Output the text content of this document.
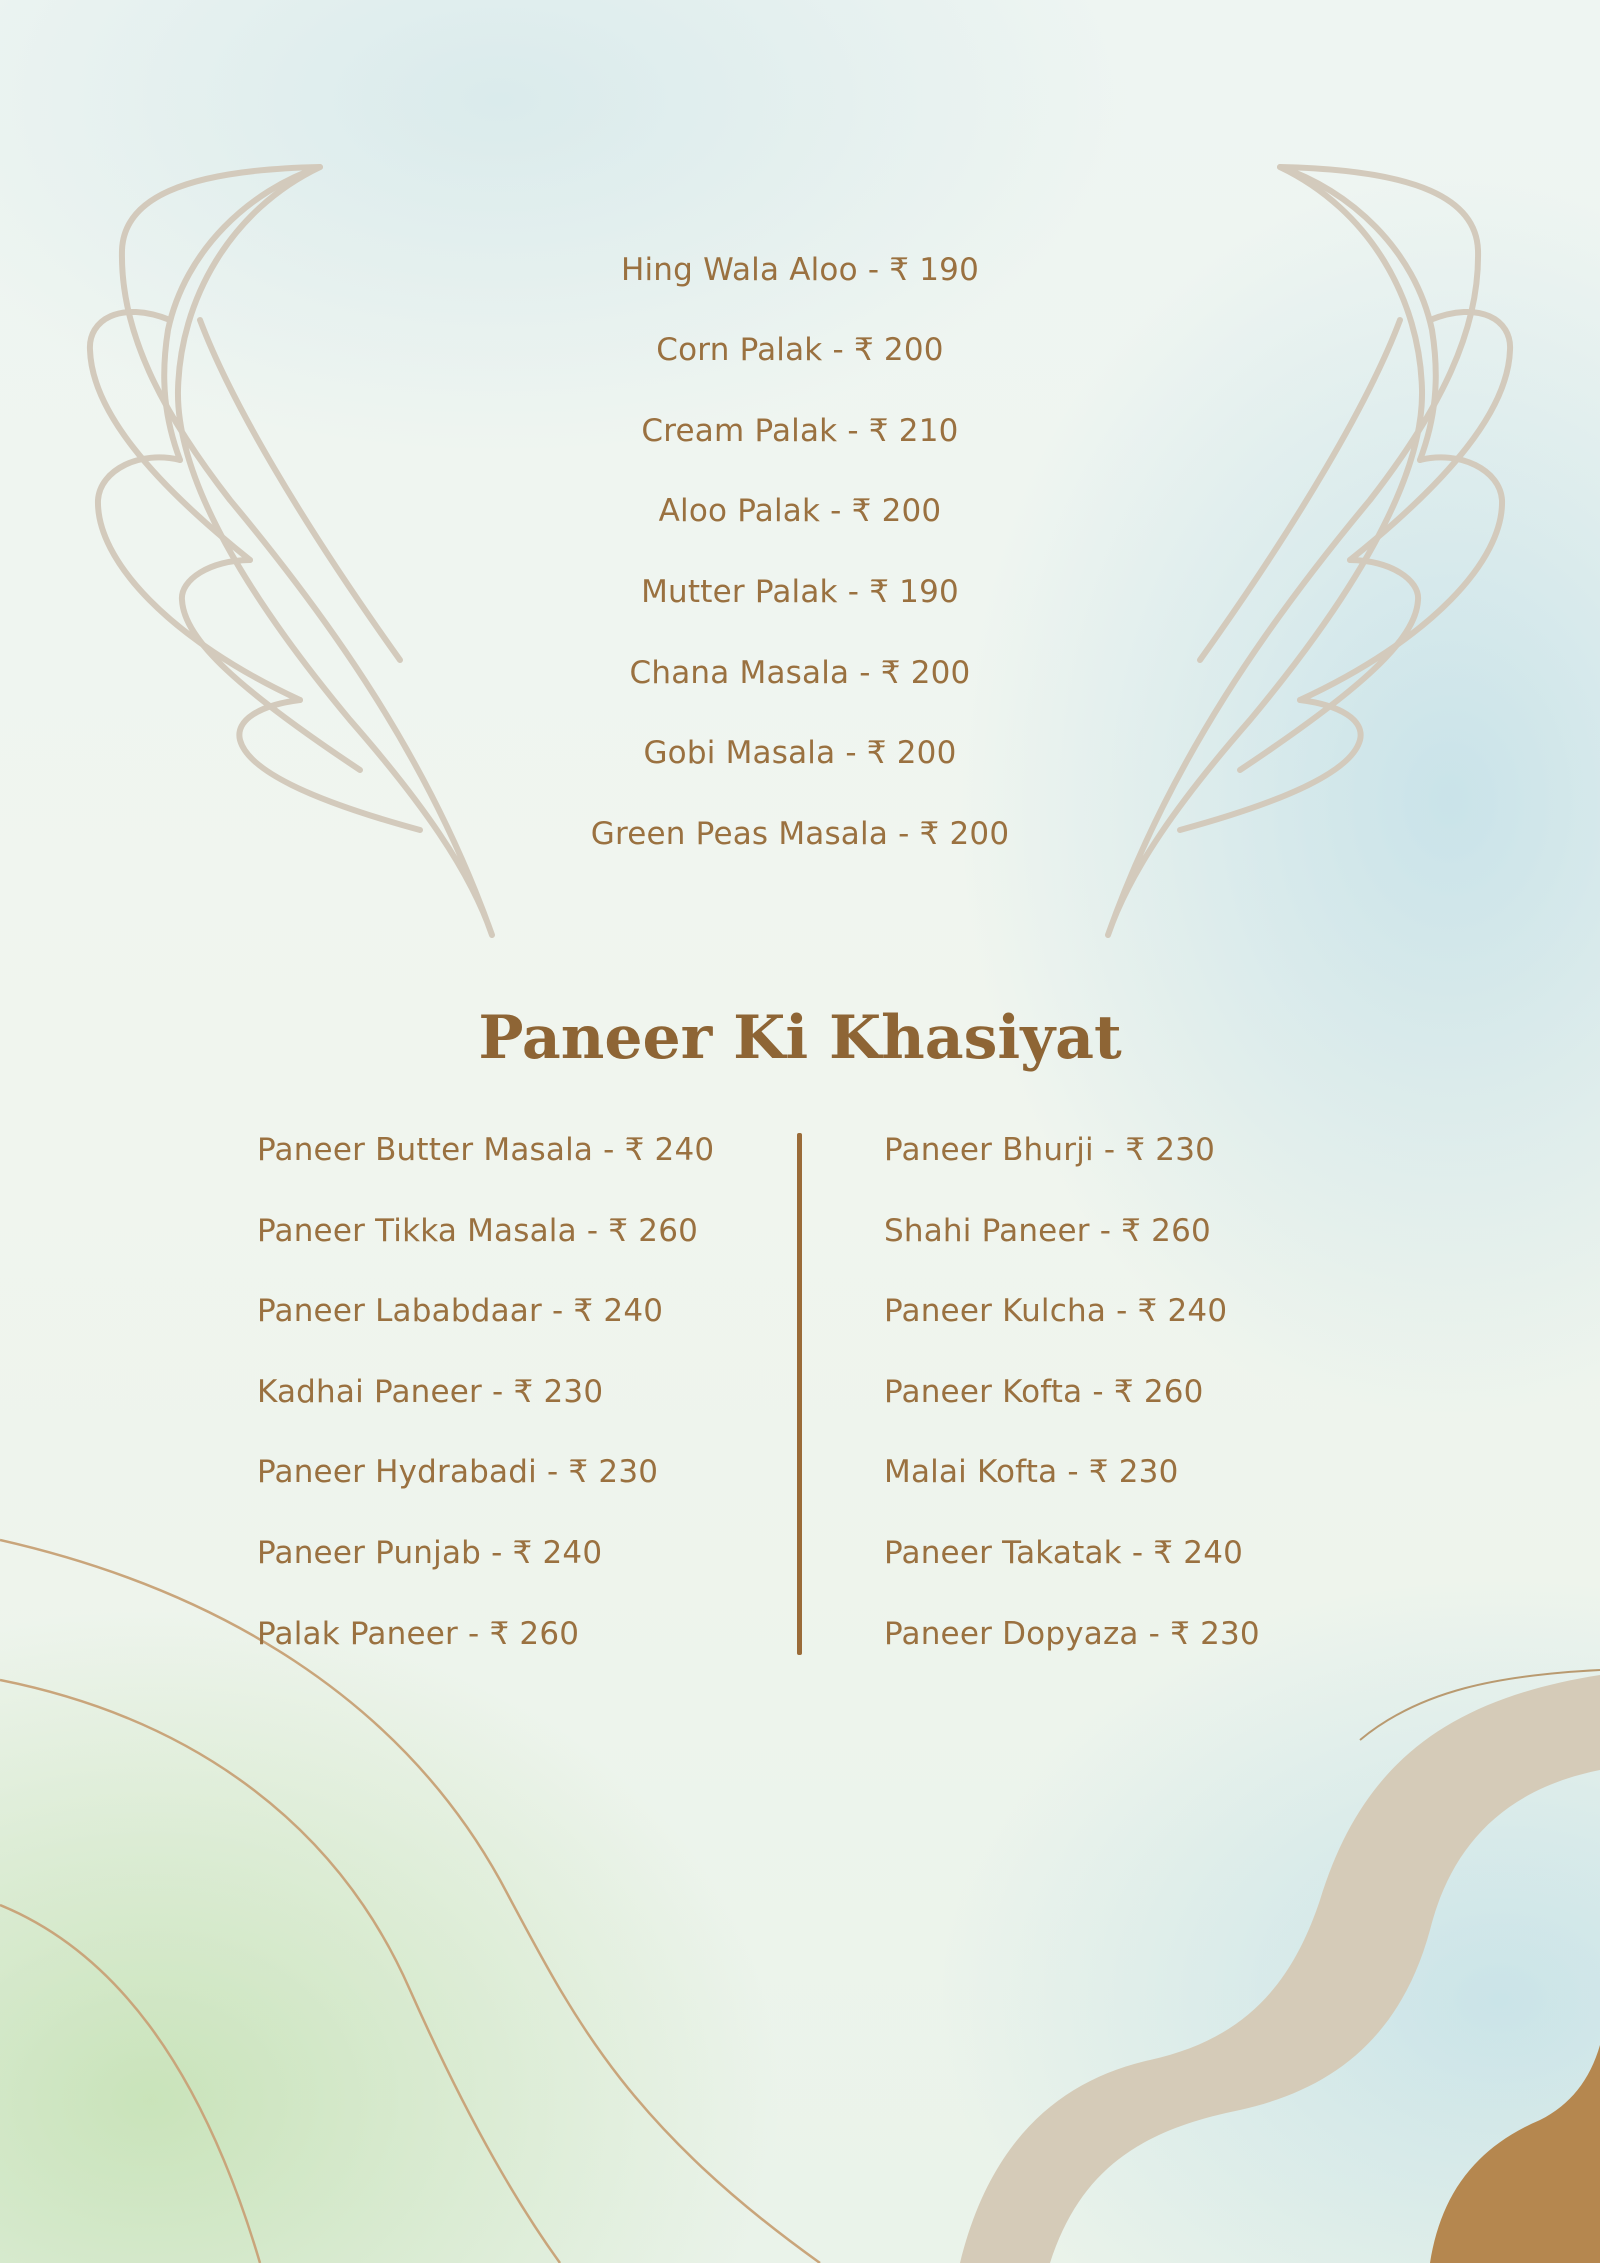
Hing Wala Aloo - ₹ 190

Corn Palak - ₹ 200

Cream Palak - ₹ 210

Aloo Palak - ₹ 200

Mutter Palak - ₹ 190

Chana Masala - ₹ 200

Gobi Masala - ₹ 200

Green Peas Masala - ₹ 200

Paneer Ki Khasiyat

Paneer Butter Masala - ₹ 240

Paneer Tikka Masala - ₹ 260

Paneer Lababdaar - ₹ 240

Kadhai Paneer - ₹ 230

Paneer Hydrabadi - ₹ 230

Paneer Punjab - ₹ 240

Palak Paneer - ₹ 260

Paneer Bhurji - ₹ 230

Shahi Paneer - ₹ 260

Paneer Kulcha - ₹ 240

Paneer Kofta - ₹ 260

Malai Kofta - ₹ 230

Paneer Takatak - ₹ 240

Paneer Dopyaza - ₹ 230
